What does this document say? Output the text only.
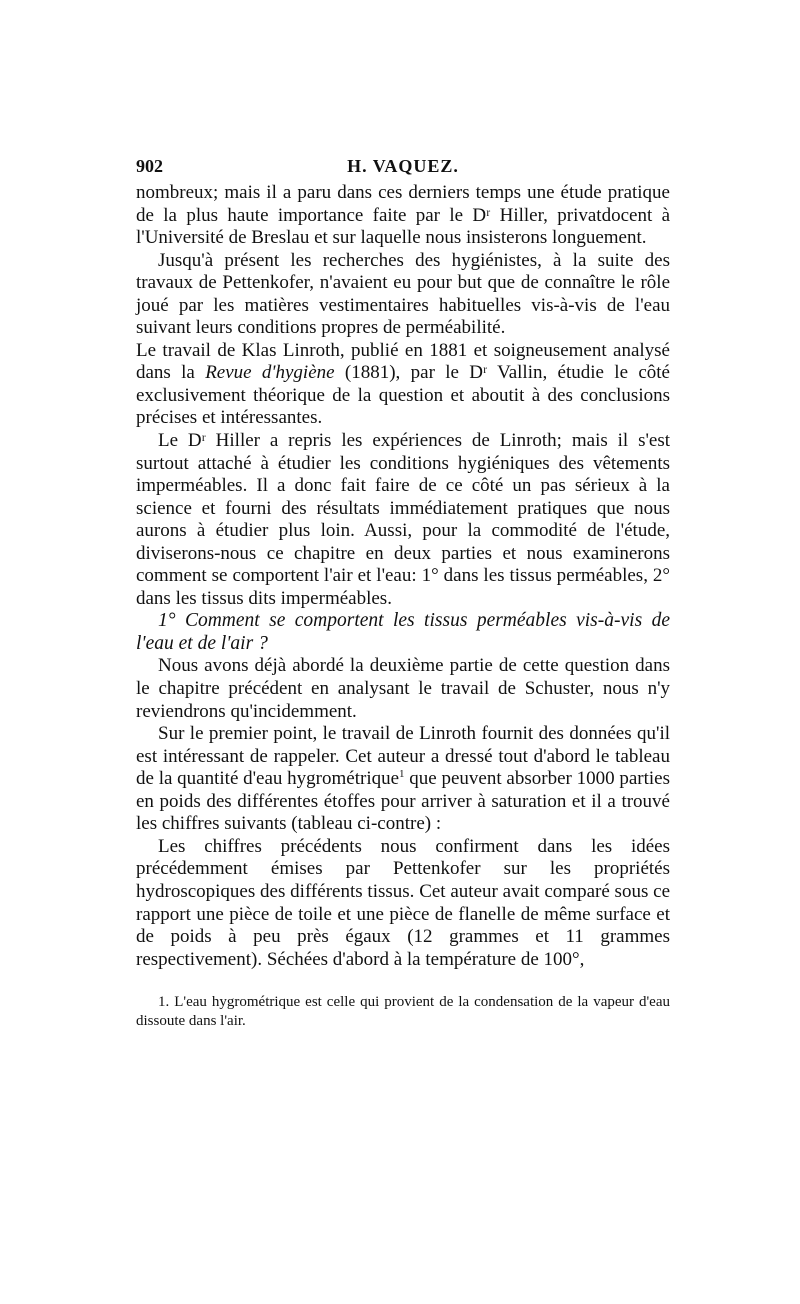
902	H. VAQUEZ.

nombreux; mais il a paru dans ces derniers temps une étude pratique de la plus haute importance faite par le Dʳ Hiller, privatdocent à l'Université de Breslau et sur laquelle nous insisterons longuement.

Jusqu'à présent les recherches des hygiénistes, à la suite des travaux de Pettenkofer, n'avaient eu pour but que de connaître le rôle joué par les matières vestimentaires habituelles vis-à-vis de l'eau suivant leurs conditions propres de perméabilité.

Le travail de Klas Linroth, publié en 1881 et soigneusement analysé dans la Revue d'hygiène (1881), par le Dʳ Vallin, étudie le côté exclusivement théorique de la question et aboutit à des conclusions précises et intéressantes.

Le Dʳ Hiller a repris les expériences de Linroth; mais il s'est surtout attaché à étudier les conditions hygiéniques des vêtements imperméables. Il a donc fait faire de ce côté un pas sérieux à la science et fourni des résultats immédiatement pratiques que nous aurons à étudier plus loin. Aussi, pour la commodité de l'étude, diviserons-nous ce chapitre en deux parties et nous examinerons comment se comportent l'air et l'eau: 1° dans les tissus perméables, 2° dans les tissus dits imperméables.

1° Comment se comportent les tissus perméables vis-à-vis de l'eau et de l'air ?

Nous avons déjà abordé la deuxième partie de cette question dans le chapitre précédent en analysant le travail de Schuster, nous n'y reviendrons qu'incidemment.

Sur le premier point, le travail de Linroth fournit des données qu'il est intéressant de rappeler. Cet auteur a dressé tout d'abord le tableau de la quantité d'eau hygrométrique$^1$ que peuvent absorber 1000 parties en poids des différentes étoffes pour arriver à saturation et il a trouvé les chiffres suivants (tableau ci-contre) :

Les chiffres précédents nous confirment dans les idées précédemment émises par Pettenkofer sur les propriétés hydroscopiques des différents tissus. Cet auteur avait comparé sous ce rapport une pièce de toile et une pièce de flanelle de même surface et de poids à peu près égaux (12 grammes et 11 grammes respectivement). Séchées d'abord à la température de 100°,

1. L'eau hygrométrique est celle qui provient de la condensation de la vapeur d'eau dissoute dans l'air.
